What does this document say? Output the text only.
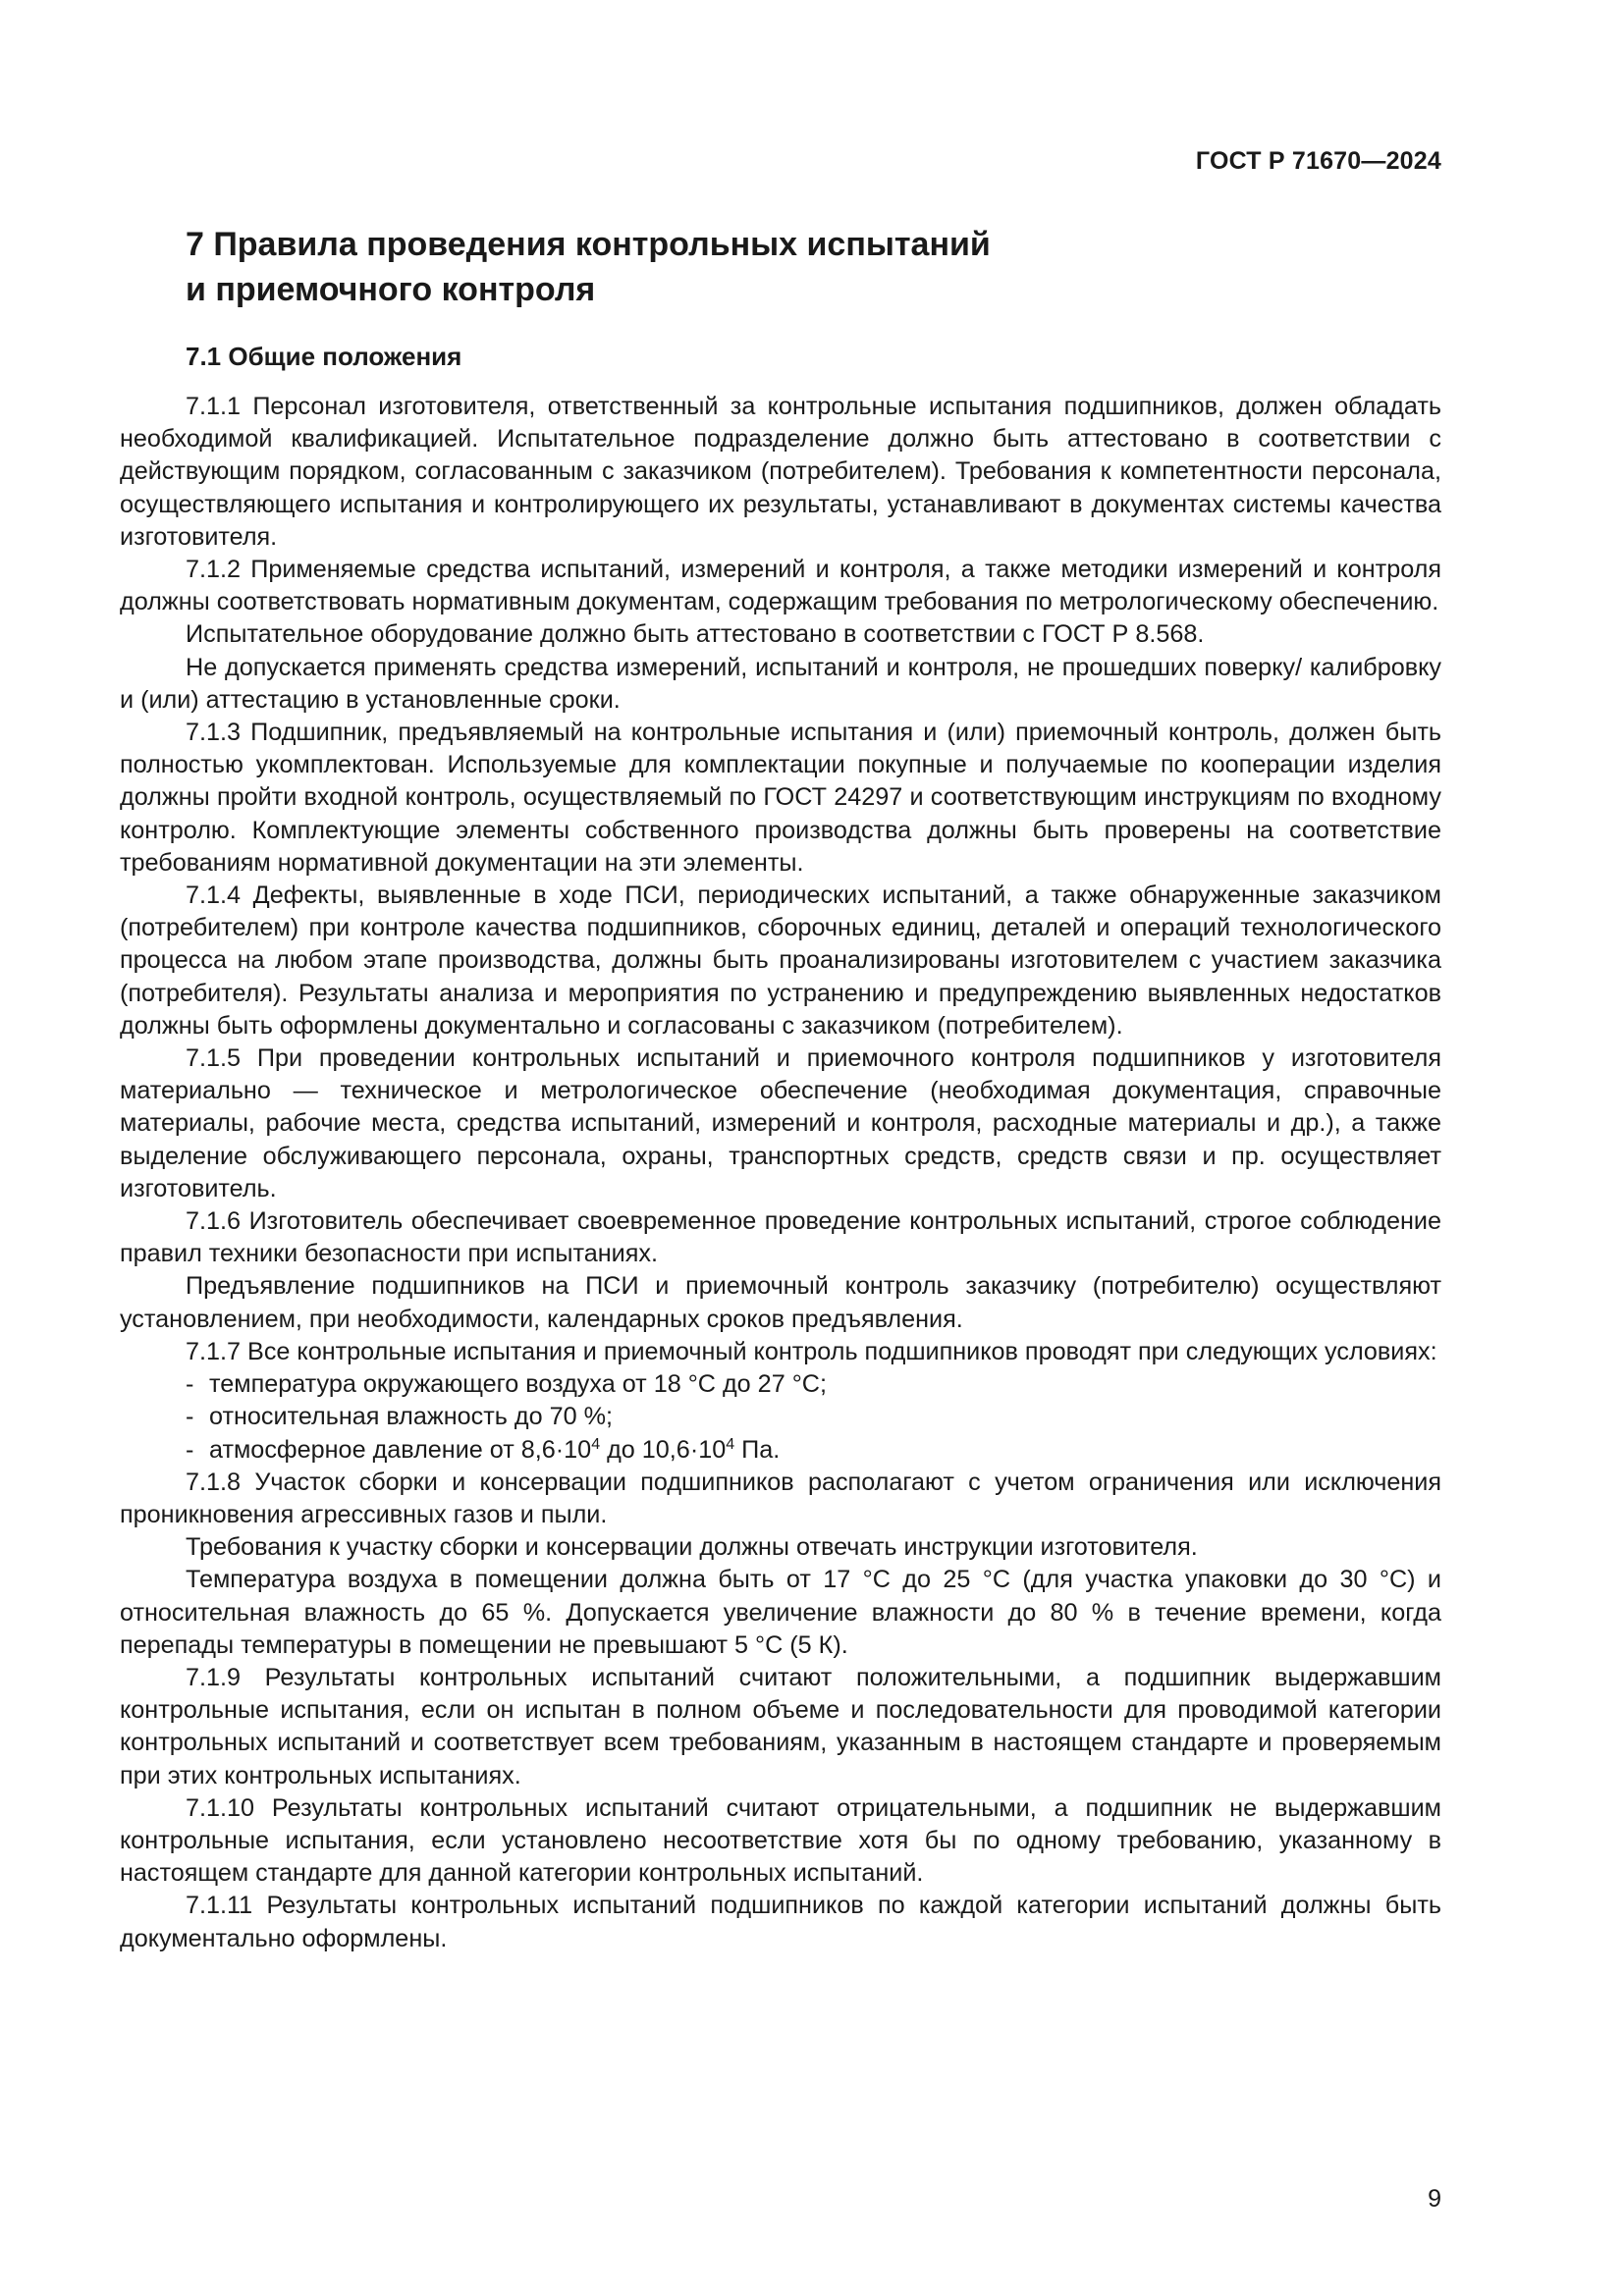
ГОСТ Р 71670—2024
7 Правила проведения контрольных испытаний
и приемочного контроля
7.1 Общие положения

7.1.1 Персонал изготовителя, ответственный за контрольные испытания подшипников, должен обладать необходимой квалификацией. Испытательное подразделение должно быть аттестовано в соответствии с действующим порядком, согласованным с заказчиком (потребителем). Требования к компетентности персонала, осуществляющего испытания и контролирующего их результаты, устанавливают в документах системы качества изготовителя.

7.1.2 Применяемые средства испытаний, измерений и контроля, а также методики измерений и контроля должны соответствовать нормативным документам, содержащим требования по метрологическому обеспечению.

Испытательное оборудование должно быть аттестовано в соответствии с ГОСТ Р 8.568.

Не допускается применять средства измерений, испытаний и контроля, не прошедших поверку/ калибровку и (или) аттестацию в установленные сроки.

7.1.3 Подшипник, предъявляемый на контрольные испытания и (или) приемочный контроль, должен быть полностью укомплектован. Используемые для комплектации покупные и получаемые по кооперации изделия должны пройти входной контроль, осуществляемый по ГОСТ 24297 и соответствующим инструкциям по входному контролю. Комплектующие элементы собственного производства должны быть проверены на соответствие требованиям нормативной документации на эти элементы.

7.1.4 Дефекты, выявленные в ходе ПСИ, периодических испытаний, а также обнаруженные заказчиком (потребителем) при контроле качества подшипников, сборочных единиц, деталей и операций технологического процесса на любом этапе производства, должны быть проанализированы изготовителем с участием заказчика (потребителя). Результаты анализа и мероприятия по устранению и предупреждению выявленных недостатков должны быть оформлены документально и согласованы с заказчиком (потребителем).

7.1.5 При проведении контрольных испытаний и приемочного контроля подшипников у изготовителя материально — техническое и метрологическое обеспечение (необходимая документация, справочные материалы, рабочие места, средства испытаний, измерений и контроля, расходные материалы и др.), а также выделение обслуживающего персонала, охраны, транспортных средств, средств связи и пр. осуществляет изготовитель.

7.1.6 Изготовитель обеспечивает своевременное проведение контрольных испытаний, строгое соблюдение правил техники безопасности при испытаниях.

Предъявление подшипников на ПСИ и приемочный контроль заказчику (потребителю) осуществляют установлением, при необходимости, календарных сроков предъявления.

7.1.7 Все контрольные испытания и приемочный контроль подшипников проводят при следующих условиях:

- температура окружающего воздуха от 18 °С до 27 °С;

- относительная влажность до 70 %;

- атмосферное давление от $8,6\cdot 10^4$ до $10,6\cdot 10^4$ Па.

7.1.8 Участок сборки и консервации подшипников располагают с учетом ограничения или исключения проникновения агрессивных газов и пыли.

Требования к участку сборки и консервации должны отвечать инструкции изготовителя.

Температура воздуха в помещении должна быть от 17 °С до 25 °С (для участка упаковки до 30 °С) и относительная влажность до 65 %. Допускается увеличение влажности до 80 % в течение времени, когда перепады температуры в помещении не превышают 5 °С (5 К).

7.1.9 Результаты контрольных испытаний считают положительными, а подшипник выдержавшим контрольные испытания, если он испытан в полном объеме и последовательности для проводимой категории контрольных испытаний и соответствует всем требованиям, указанным в настоящем стандарте и проверяемым при этих контрольных испытаниях.

7.1.10 Результаты контрольных испытаний считают отрицательными, а подшипник не выдержавшим контрольные испытания, если установлено несоответствие хотя бы по одному требованию, указанному в настоящем стандарте для данной категории контрольных испытаний.

7.1.11 Результаты контрольных испытаний подшипников по каждой категории испытаний должны быть документально оформлены.

9
